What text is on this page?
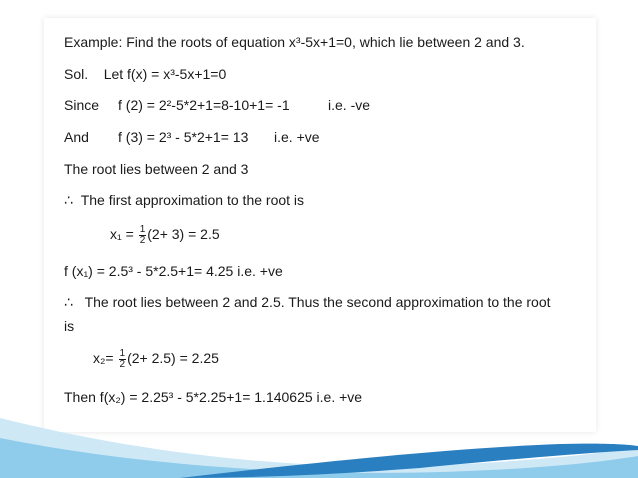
Example: Find the roots of equation x³-5x+1=0, which lie between 2 and 3.
Sol. Let f(x) = x³-5x+1=0
Since f (2) = 2²-5*2+1=8-10+1= -1	i.e. -ve
And f (3) = 2³ - 5*2+1= 13 i.e. +ve
The root lies between 2 and 3
∴ The first approximation to the root is
$x_1 = \frac{1}{2} (2+ 3) = 2.5$
f (x₁) = 2.5³ - 5*2.5+1= 4.25 i.e. +ve
∴ The root lies between 2 and 2.5. Thus the second approximation to the root
is
$x_2= \frac{1}{2} (2+ 2.5) = 2.25$
Then f(x₂) = 2.25³ - 5*2.25+1= 1.140625 i.e. +ve
